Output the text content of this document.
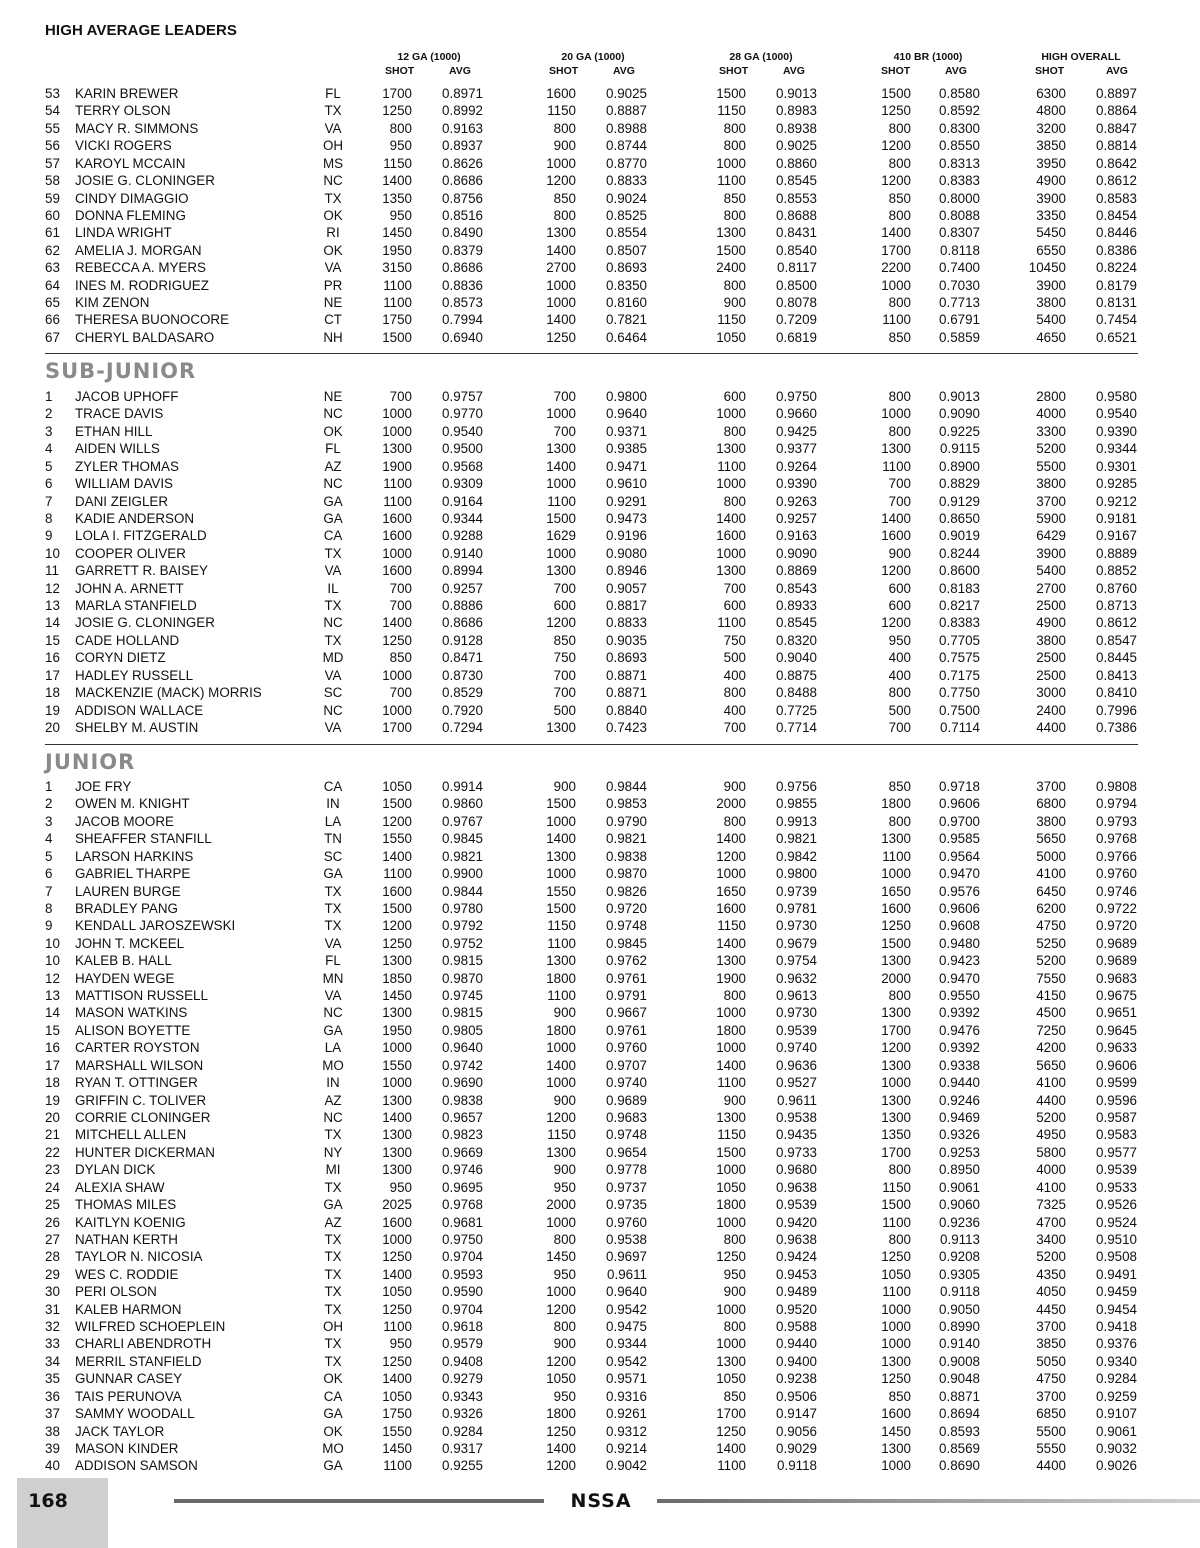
HIGH AVERAGE LEADERS
12 GA (1000)
SHOT	AVG
20 GA (1000)
SHOT	AVG
28 GA (1000)
SHOT	AVG
410 BR (1000)
SHOT	AVG
HIGH OVERALL
SHOT	AVG
53 KARIN BREWER	FL	1700	0.8971	1600	0.9025	1500	0.9013	1500	0.8580	6300	0.8897
54 TERRY OLSON	TX	1250	0.8992	1150	0.8887	1150	0.8983	1250	0.8592	4800	0.8864
55 MACY R. SIMMONS	VA	800	0.9163	800	0.8988	800	0.8938	800	0.8300	3200	0.8847
56 VICKI ROGERS	OH	950	0.8937	900	0.8744	800	0.9025	1200	0.8550	3850	0.8814
57 KAROYL MCCAIN	MS	1150	0.8626	1000	0.8770	1000	0.8860	800	0.8313	3950	0.8642
58 JOSIE G. CLONINGER	NC	1400	0.8686	1200	0.8833	1100	0.8545	1200	0.8383	4900	0.8612
59 CINDY DIMAGGIO	TX	1350	0.8756	850	0.9024	850	0.8553	850	0.8000	3900	0.8583
60 DONNA FLEMING	OK	950	0.8516	800	0.8525	800	0.8688	800	0.8088	3350	0.8454
61 LINDA WRIGHT	RI	1450	0.8490	1300	0.8554	1300	0.8431	1400	0.8307	5450	0.8446
62 AMELIA J. MORGAN	OK	1950	0.8379	1400	0.8507	1500	0.8540	1700	0.8118	6550	0.8386
63 REBECCA A. MYERS	VA	3150	0.8686	2700	0.8693	2400	0.8117	2200	0.7400	10450	0.8224
64 INES M. RODRIGUEZ	PR	1100	0.8836	1000	0.8350	800	0.8500	1000	0.7030	3900	0.8179
65 KIM ZENON	NE	1100	0.8573	1000	0.8160	900	0.8078	800	0.7713	3800	0.8131
66 THERESA BUONOCORE	CT	1750	0.7994	1400	0.7821	1150	0.7209	1100	0.6791	5400	0.7454
67 CHERYL BALDASARO	NH	1500	0.6940	1250	0.6464	1050	0.6819	850	0.5859	4650	0.6521
SUB-JUNIOR
1 JACOB UPHOFF	NE	700	0.9757	700	0.9800	600	0.9750	800	0.9013	2800	0.9580
2 TRACE DAVIS	NC	1000	0.9770	1000	0.9640	1000	0.9660	1000	0.9090	4000	0.9540
3 ETHAN HILL	OK	1000	0.9540	700	0.9371	800	0.9425	800	0.9225	3300	0.9390
4 AIDEN WILLS	FL	1300	0.9500	1300	0.9385	1300	0.9377	1300	0.9115	5200	0.9344
5 ZYLER THOMAS	AZ	1900	0.9568	1400	0.9471	1100	0.9264	1100	0.8900	5500	0.9301
6 WILLIAM DAVIS	NC	1100	0.9309	1000	0.9610	1000	0.9390	700	0.8829	3800	0.9285
7 DANI ZEIGLER	GA	1100	0.9164	1100	0.9291	800	0.9263	700	0.9129	3700	0.9212
8 KADIE ANDERSON	GA	1600	0.9344	1500	0.9473	1400	0.9257	1400	0.8650	5900	0.9181
9 LOLA I. FITZGERALD	CA	1600	0.9288	1629	0.9196	1600	0.9163	1600	0.9019	6429	0.9167
10 COOPER OLIVER	TX	1000	0.9140	1000	0.9080	1000	0.9090	900	0.8244	3900	0.8889
11 GARRETT R. BAISEY	VA	1600	0.8994	1300	0.8946	1300	0.8869	1200	0.8600	5400	0.8852
12 JOHN A. ARNETT	IL	700	0.9257	700	0.9057	700	0.8543	600	0.8183	2700	0.8760
13 MARLA STANFIELD	TX	700	0.8886	600	0.8817	600	0.8933	600	0.8217	2500	0.8713
14 JOSIE G. CLONINGER	NC	1400	0.8686	1200	0.8833	1100	0.8545	1200	0.8383	4900	0.8612
15 CADE HOLLAND	TX	1250	0.9128	850	0.9035	750	0.8320	950	0.7705	3800	0.8547
16 CORYN DIETZ	MD	850	0.8471	750	0.8693	500	0.9040	400	0.7575	2500	0.8445
17 HADLEY RUSSELL	VA	1000	0.8730	700	0.8871	400	0.8875	400	0.7175	2500	0.8413
18 MACKENZIE (MACK) MORRIS	SC	700	0.8529	700	0.8871	800	0.8488	800	0.7750	3000	0.8410
19 ADDISON WALLACE	NC	1000	0.7920	500	0.8840	400	0.7725	500	0.7500	2400	0.7996
20 SHELBY M. AUSTIN	VA	1700	0.7294	1300	0.7423	700	0.7714	700	0.7114	4400	0.7386
JUNIOR
1 JOE FRY	CA	1050	0.9914	900	0.9844	900	0.9756	850	0.9718	3700	0.9808
2 OWEN M. KNIGHT	IN	1500	0.9860	1500	0.9853	2000	0.9855	1800	0.9606	6800	0.9794
3 JACOB MOORE	LA	1200	0.9767	1000	0.9790	800	0.9913	800	0.9700	3800	0.9793
4 SHEAFFER STANFILL	TN	1550	0.9845	1400	0.9821	1400	0.9821	1300	0.9585	5650	0.9768
5 LARSON HARKINS	SC	1400	0.9821	1300	0.9838	1200	0.9842	1100	0.9564	5000	0.9766
6 GABRIEL THARPE	GA	1100	0.9900	1000	0.9870	1000	0.9800	1000	0.9470	4100	0.9760
7 LAUREN BURGE	TX	1600	0.9844	1550	0.9826	1650	0.9739	1650	0.9576	6450	0.9746
8 BRADLEY PANG	TX	1500	0.9780	1500	0.9720	1600	0.9781	1600	0.9606	6200	0.9722
9 KENDALL JAROSZEWSKI	TX	1200	0.9792	1150	0.9748	1150	0.9730	1250	0.9608	4750	0.9720
10 JOHN T. MCKEEL	VA	1250	0.9752	1100	0.9845	1400	0.9679	1500	0.9480	5250	0.9689
10 KALEB B. HALL	FL	1300	0.9815	1300	0.9762	1300	0.9754	1300	0.9423	5200	0.9689
12 HAYDEN WEGE	MN	1850	0.9870	1800	0.9761	1900	0.9632	2000	0.9470	7550	0.9683
13 MATTISON RUSSELL	VA	1450	0.9745	1100	0.9791	800	0.9613	800	0.9550	4150	0.9675
14 MASON WATKINS	NC	1300	0.9815	900	0.9667	1000	0.9730	1300	0.9392	4500	0.9651
15 ALISON BOYETTE	GA	1950	0.9805	1800	0.9761	1800	0.9539	1700	0.9476	7250	0.9645
16 CARTER ROYSTON	LA	1000	0.9640	1000	0.9760	1000	0.9740	1200	0.9392	4200	0.9633
17 MARSHALL WILSON	MO	1550	0.9742	1400	0.9707	1400	0.9636	1300	0.9338	5650	0.9606
18 RYAN T. OTTINGER	IN	1000	0.9690	1000	0.9740	1100	0.9527	1000	0.9440	4100	0.9599
19 GRIFFIN C. TOLIVER	AZ	1300	0.9838	900	0.9689	900	0.9611	1300	0.9246	4400	0.9596
20 CORRIE CLONINGER	NC	1400	0.9657	1200	0.9683	1300	0.9538	1300	0.9469	5200	0.9587
21 MITCHELL ALLEN	TX	1300	0.9823	1150	0.9748	1150	0.9435	1350	0.9326	4950	0.9583
22 HUNTER DICKERMAN	NY	1300	0.9669	1300	0.9654	1500	0.9733	1700	0.9253	5800	0.9577
23 DYLAN DICK	MI	1300	0.9746	900	0.9778	1000	0.9680	800	0.8950	4000	0.9539
24 ALEXIA SHAW	TX	950	0.9695	950	0.9737	1050	0.9638	1150	0.9061	4100	0.9533
25 THOMAS MILES	GA	2025	0.9768	2000	0.9735	1800	0.9539	1500	0.9060	7325	0.9526
26 KAITLYN KOENIG	AZ	1600	0.9681	1000	0.9760	1000	0.9420	1100	0.9236	4700	0.9524
27 NATHAN KERTH	TX	1000	0.9750	800	0.9538	800	0.9638	800	0.9113	3400	0.9510
28 TAYLOR N. NICOSIA	TX	1250	0.9704	1450	0.9697	1250	0.9424	1250	0.9208	5200	0.9508
29 WES C. RODDIE	TX	1400	0.9593	950	0.9611	950	0.9453	1050	0.9305	4350	0.9491
30 PERI OLSON	TX	1050	0.9590	1000	0.9640	900	0.9489	1100	0.9118	4050	0.9459
31 KALEB HARMON	TX	1250	0.9704	1200	0.9542	1000	0.9520	1000	0.9050	4450	0.9454
32 WILFRED SCHOEPLEIN	OH	1100	0.9618	800	0.9475	800	0.9588	1000	0.8990	3700	0.9418
33 CHARLI ABENDROTH	TX	950	0.9579	900	0.9344	1000	0.9440	1000	0.9140	3850	0.9376
34 MERRIL STANFIELD	TX	1250	0.9408	1200	0.9542	1300	0.9400	1300	0.9008	5050	0.9340
35 GUNNAR CASEY	OK	1400	0.9279	1050	0.9571	1050	0.9238	1250	0.9048	4750	0.9284
36 TAIS PERUNOVA	CA	1050	0.9343	950	0.9316	850	0.9506	850	0.8871	3700	0.9259
37 SAMMY WOODALL	GA	1750	0.9326	1800	0.9261	1700	0.9147	1600	0.8694	6850	0.9107
38 JACK TAYLOR	OK	1550	0.9284	1250	0.9312	1250	0.9056	1450	0.8593	5500	0.9061
39 MASON KINDER	MO	1450	0.9317	1400	0.9214	1400	0.9029	1300	0.8569	5550	0.9032
40 ADDISON SAMSON	GA	1100	0.9255	1200	0.9042	1100	0.9118	1000	0.8690	4400	0.9026
168	NSSA
